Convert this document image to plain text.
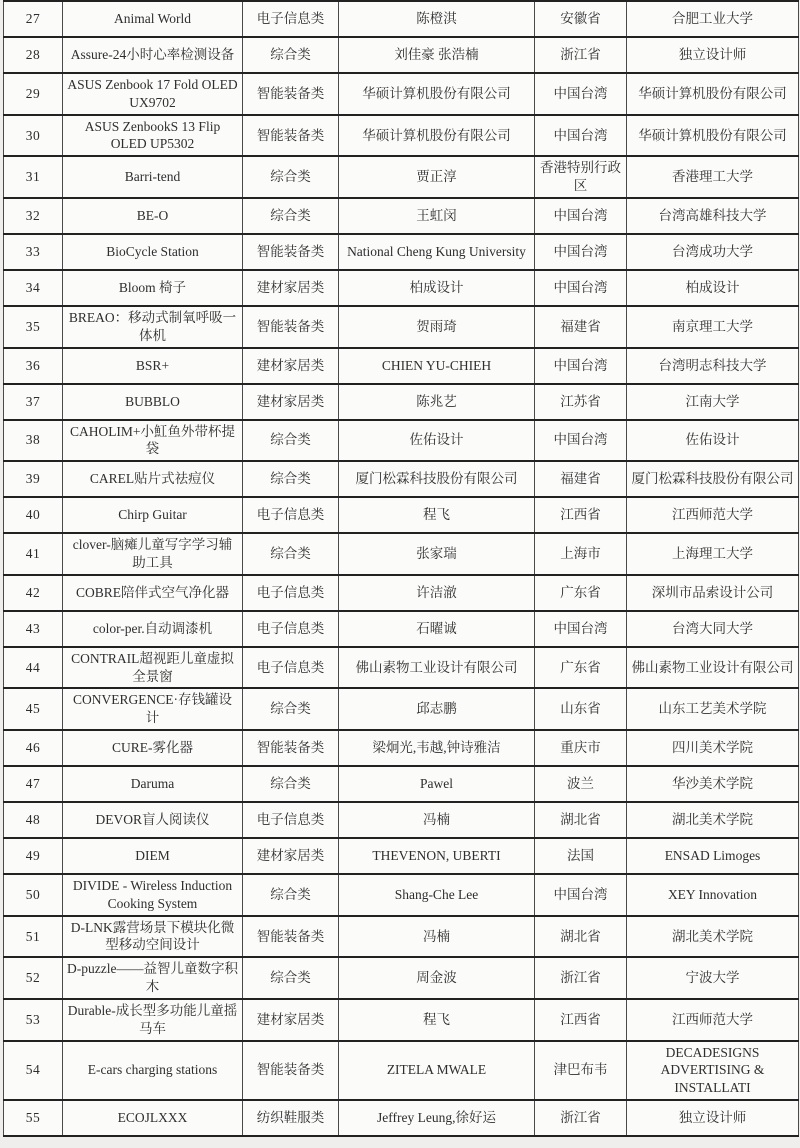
27	Animal World	电子信息类	陈橙淇	安徽省	合肥工业大学
28	Assure-24小时心率检测设备	综合类	刘佳豪 张浩楠	浙江省	独立设计师
29	ASUS Zenbook 17 Fold OLED UX9702	智能装备类	华硕计算机股份有限公司	中国台湾	华硕计算机股份有限公司
30	ASUS ZenbookS 13 Flip OLED UP5302	智能装备类	华硕计算机股份有限公司	中国台湾	华硕计算机股份有限公司
31	Barri-tend	综合类	贾正淳	香港特别行政区	香港理工大学
32	BE-O	综合类	王虹闵	中国台湾	台湾高雄科技大学
33	BioCycle Station	智能装备类	National Cheng Kung University	中国台湾	台湾成功大学
34	Bloom 椅子	建材家居类	柏成设计	中国台湾	柏成设计
35	BREAO：移动式制氧呼吸一体机	智能装备类	贺雨琦	福建省	南京理工大学
36	BSR+	建材家居类	CHIEN YU-CHIEH	中国台湾	台湾明志科技大学
37	BUBBLO	建材家居类	陈兆艺	江苏省	江南大学
38	CAHOLIM+小魟鱼外带杯提袋	综合类	佐佑设计	中国台湾	佐佑设计
39	CAREL贴片式祛痘仪	综合类	厦门松霖科技股份有限公司	福建省	厦门松霖科技股份有限公司
40	Chirp Guitar	电子信息类	程飞	江西省	江西师范大学
41	clover-脑瘫儿童写字学习辅助工具	综合类	张家瑞	上海市	上海理工大学
42	COBRE陪伴式空气净化器	电子信息类	许洁澈	广东省	深圳市品索设计公司
43	color-per.自动调漆机	电子信息类	石曜诚	中国台湾	台湾大同大学
44	CONTRAIL超视距儿童虚拟全景窗	电子信息类	佛山素物工业设计有限公司	广东省	佛山素物工业设计有限公司
45	CONVERGENCE·存钱罐设计	综合类	邱志鹏	山东省	山东工艺美术学院
46	CURE-雾化器	智能装备类	梁炯光,韦越,钟诗雅洁	重庆市	四川美术学院
47	Daruma	综合类	Pawel	波兰	华沙美术学院
48	DEVOR盲人阅读仪	电子信息类	冯楠	湖北省	湖北美术学院
49	DIEM	建材家居类	THEVENON, UBERTI	法国	ENSAD Limoges
50	DIVIDE - Wireless Induction Cooking System	综合类	Shang-Che Lee	中国台湾	XEY Innovation
51	D-LNK露营场景下模块化微型移动空间设计	智能装备类	冯楠	湖北省	湖北美术学院
52	D-puzzle——益智儿童数字积木	综合类	周金波	浙江省	宁波大学
53	Durable-成长型多功能儿童摇马车	建材家居类	程飞	江西省	江西师范大学
54	E-cars charging stations	智能装备类	ZITELA MWALE	津巴布韦	DECADESIGNS ADVERTISING & INSTALLATI
55	ECOJLXXX	纺织鞋服类	Jeffrey Leung,徐好运	浙江省	独立设计师
